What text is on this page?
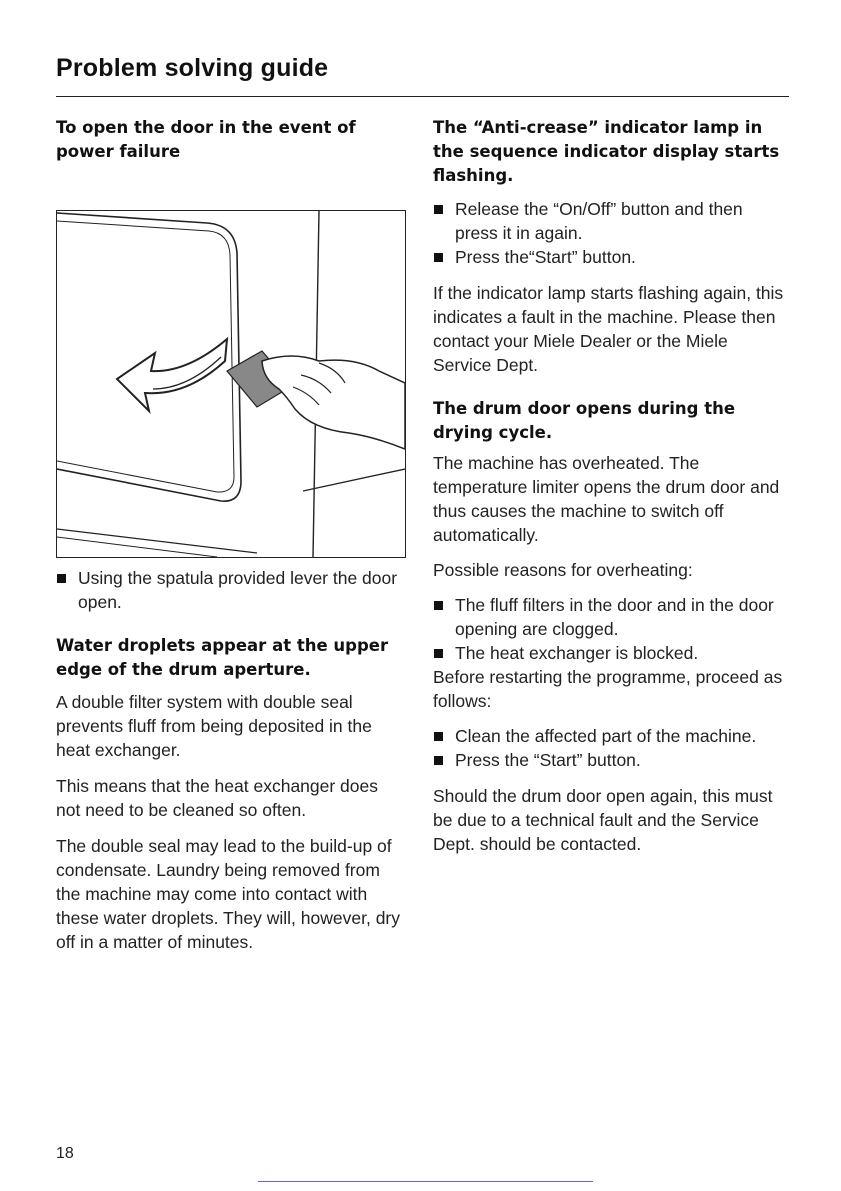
Problem solving guide

To open the door in the event of power failure

Using the spatula provided lever the door open.

Water droplets appear at the upper edge of the drum aperture.

A double filter system with double seal prevents fluff from being deposited in the heat exchanger.

This means that the heat exchanger does not need to be cleaned so often.

The double seal may lead to the build-up of condensate. Laundry being removed from the machine may come into contact with these water droplets. They will, however, dry off in a matter of minutes.

The “Anti-crease” indicator lamp in the sequence indicator display starts flashing.

Release the “On/Off” button and then press it in again.

Press the“Start” button.

If the indicator lamp starts flashing again, this indicates a fault in the machine. Please then contact your Miele Dealer or the Miele Service Dept.

The drum door opens during the drying cycle.

The machine has overheated. The temperature limiter opens the drum door and thus causes the machine to switch off automatically.

Possible reasons for overheating:

The fluff filters in the door and in the door opening are clogged.

The heat exchanger is blocked.

Before restarting the programme, proceed as follows:

Clean the affected part of the machine.

Press the “Start” button.

Should the drum door open again, this must be due to a technical fault and the Service Dept. should be contacted.

18
